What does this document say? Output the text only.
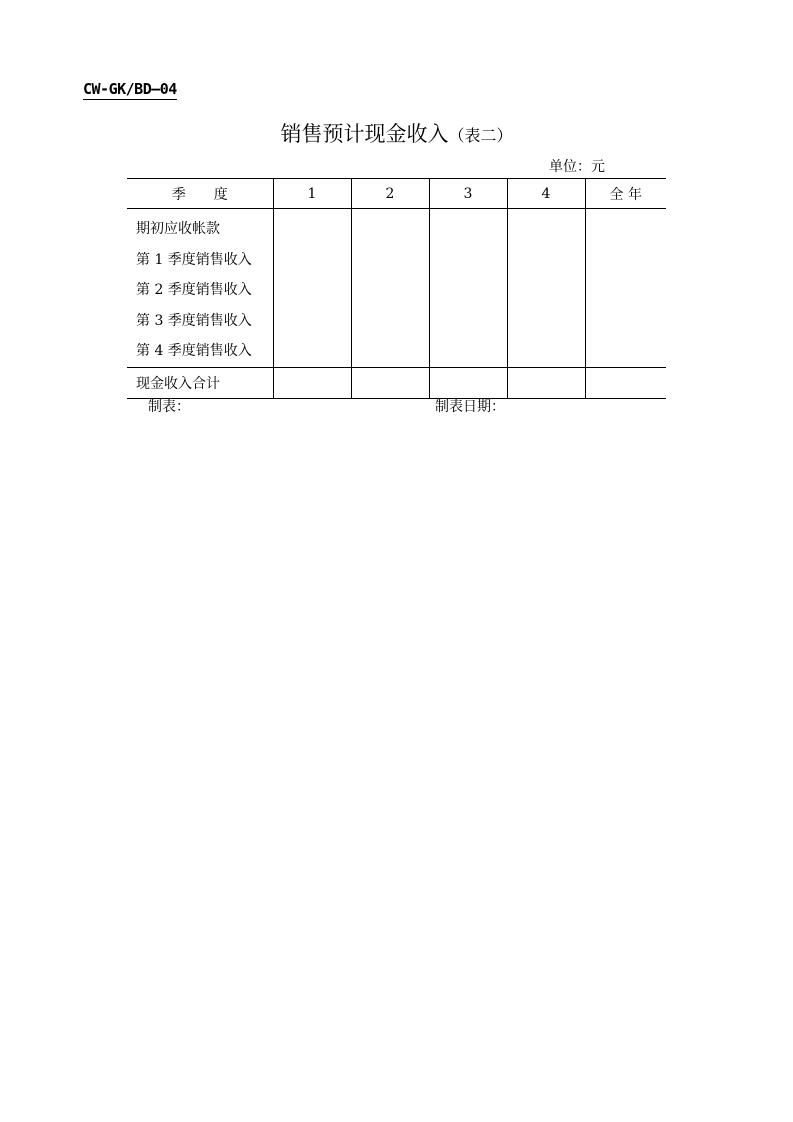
CW-GK/BD—04
销售预计现金收入（表二）
单位：元
季　　度	1	2	3	4	全 年

期初应收帐款
第 1 季度销售收入
第 2 季度销售收入
第 3 季度销售收入
第 4 季度销售收入					

现金收入合计					
制表：	制表日期：
